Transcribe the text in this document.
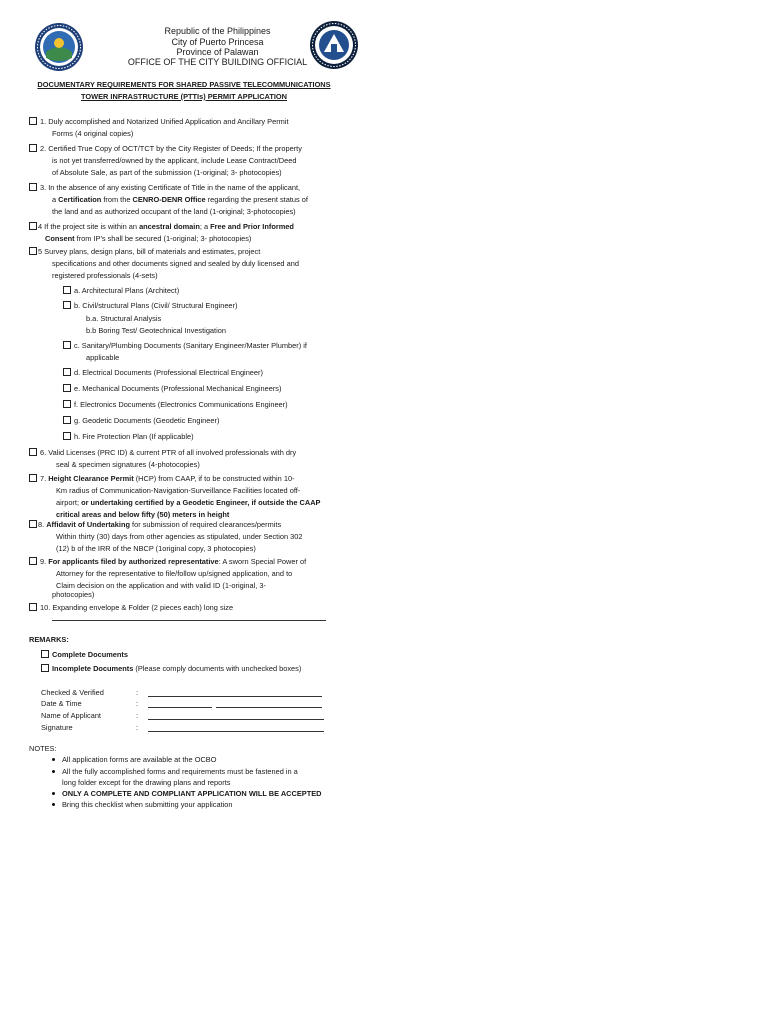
Republic of the Philippines
City of Puerto Princesa
Province of Palawan
OFFICE OF THE CITY BUILDING OFFICIAL
DOCUMENTARY REQUIREMENTS FOR SHARED PASSIVE TELECOMMUNICATIONS
TOWER INFRASTRUCTURE (PTTIs) PERMIT APPLICATION
1. Duly accomplished and Notarized Unified Application and Ancillary Permit
Forms (4 original copies)
2. Certified True Copy of OCT/TCT by the City Register of Deeds; If the property
is not yet transferred/owned by the applicant, include Lease Contract/Deed
of Absolute Sale, as part of the submission (1-original; 3- photocopies)
3. In the absence of any existing Certificate of Title in the name of the applicant,
a Certification from the CENRO-DENR Office regarding the present status of
the land and as authorized occupant of the land (1-original; 3-photocopies)
4 If the project site is within an ancestral domain; a Free and Prior Informed
Consent from IP's shall be secured (1-original; 3- photocopies)
5 Survey plans, design plans, bill of materials and estimates, project
specifications and other documents signed and sealed by duly licensed and
registered professionals (4-sets)
a. Architectural Plans (Architect)
b. Civil/structural Plans (Civil/ Structural Engineer)
b.a. Structural Analysis
b.b Boring Test/ Geotechnical Investigation
c. Sanitary/Plumbing Documents (Sanitary Engineer/Master Plumber) if
applicable
d. Electrical Documents (Professional Electrical Engineer)
e. Mechanical Documents (Professional Mechanical Engineers)
f. Electronics Documents (Electronics Communications Engineer)
g. Geodetic Documents (Geodetic Engineer)
h. Fire Protection Plan (If applicable)
6. Valid Licenses (PRC ID) & current PTR of all involved professionals with dry
seal & specimen signatures (4-photocopies)
7. Height Clearance Permit (HCP) from CAAP, if to be constructed within 10-
Km radius of Communication-Navigation-Surveillance Facilities located off-
airport; or undertaking certified by a Geodetic Engineer, if outside the CAAP
critical areas and below fifty (50) meters in height
8. Affidavit of Undertaking for submission of required clearances/permits
Within thirty (30) days from other agencies as stipulated, under Section 302
(12) b of the IRR of the NBCP (1original copy, 3 photocopies)
9. For applicants filed by authorized representative: A sworn Special Power of
Attorney for the representative to file/follow up/signed application, and to
Claim decision on the application and with valid ID (1-original, 3-
photocopies)
10. Expanding envelope & Folder (2 pieces each) long size
REMARKS:
Complete Documents
Incomplete Documents (Please comply documents with unchecked boxes)
Checked & Verified	:
Date & Time	:
Name of Applicant	:
Signature	:
NOTES:
All application forms are available at the OCBO
All the fully accomplished forms and requirements must be fastened in a
long folder except for the drawing plans and reports
ONLY A COMPLETE AND COMPLIANT APPLICATION WILL BE ACCEPTED
Bring this checklist when submitting your application
